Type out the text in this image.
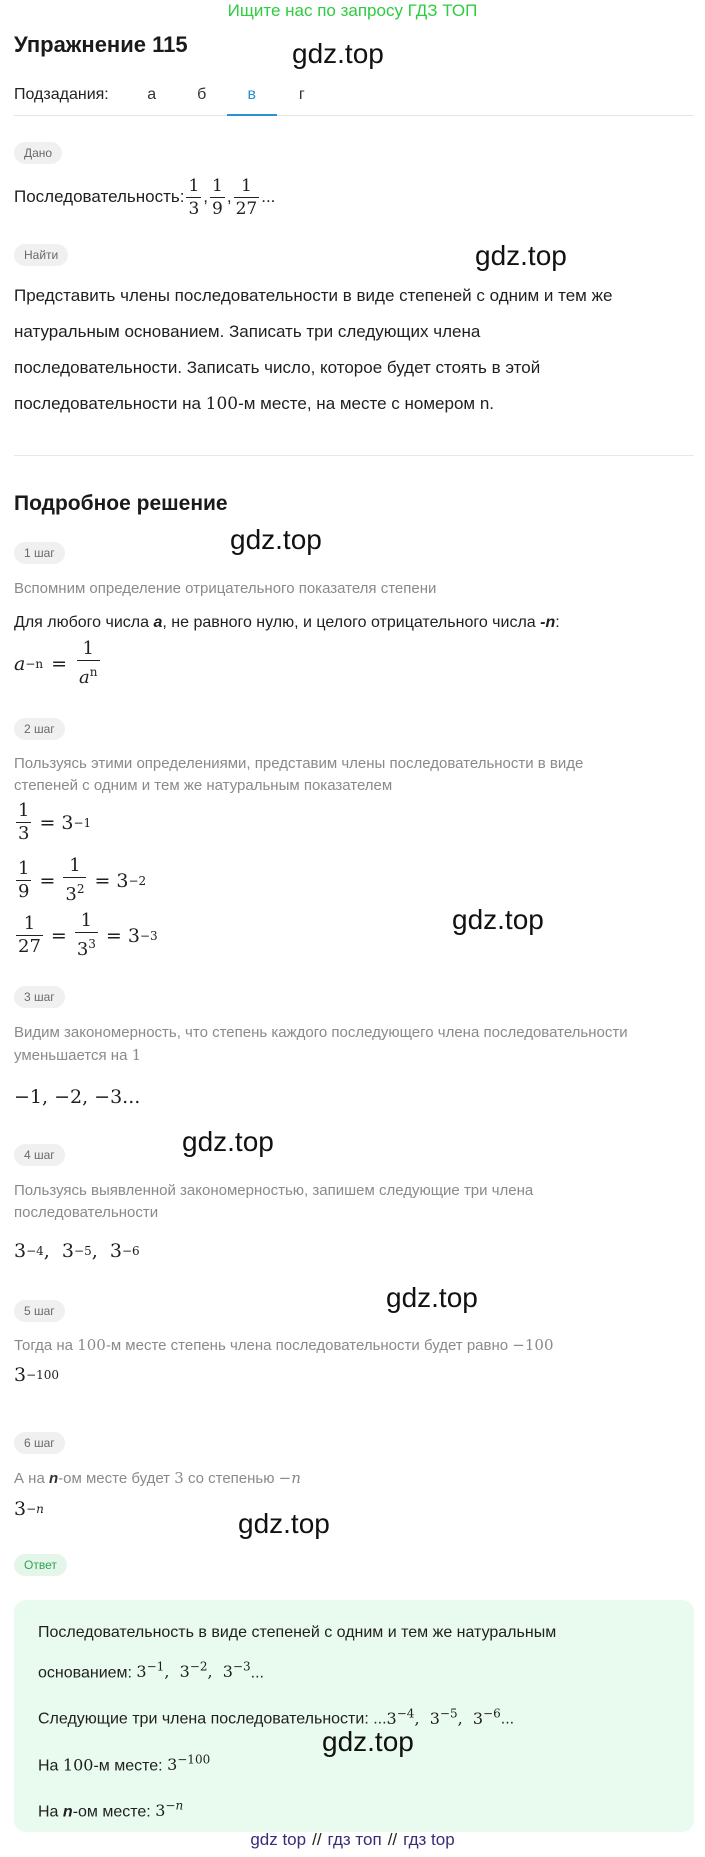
Ищите нас по запросу ГДЗ ТОП
Упражнение 115	gdz.top
Подзадания:	а	б	в	г
Дано
Последовательность: $\frac{1}{3}$ , $\frac{1}{9}$ , $\frac{1}{27}$ ...
Найти	gdz.top
Представить члены последовательности в виде степеней с одним и тем же
натуральным основанием. Записать три следующих члена
последовательности. Записать число, которое будет стоять в этой
последовательности на 100-м месте, на месте с номером n.
Подробное решение
1 шаг	gdz.top
Вспомним определение отрицательного показателя степени
Для любого числа a, не равного нулю, и целого отрицательного числа -n:
$a -n = \frac{1}{a^n}$
2 шаг
Пользуясь этими определениями, представим члены последовательности в виде
степеней с одним и тем же натуральным показателем
$\frac{1}{3} = 3 -1$
$\frac{1}{9} = \frac{1}{3^2} = 3 -2$
$\frac{1}{27} = \frac{1}{3^3} = 3 -3$
gdz.top
3 шаг
Видим закономерность, что степень каждого последующего члена последовательности
уменьшается на 1
−1, −2, −3...
4 шаг	gdz.top
Пользуясь выявленной закономерностью, запишем следующие три члена
последовательности
3 −4 , 3 −5 , 3 −6
5 шаг	gdz.top
Тогда на 100-м месте степень члена последовательности будет равно −100
3 −100
6 шаг
А на n-ом месте будет 3 со степенью −n
3 −n	gdz.top
Ответ
Последовательность в виде степеней с одним и тем же натуральным
основанием: $3^{-1}$,  $3^{-2}$,  $3^{-3}$...
Следующие три члена последовательности: $...3^{-4}$,  $3^{-5}$,  $3^{-6}$...
На 100-м месте: $3^{-100}$
На n-ом месте: $3^{-n}$
gdz.top
gdz top // гдз топ // гдз top
